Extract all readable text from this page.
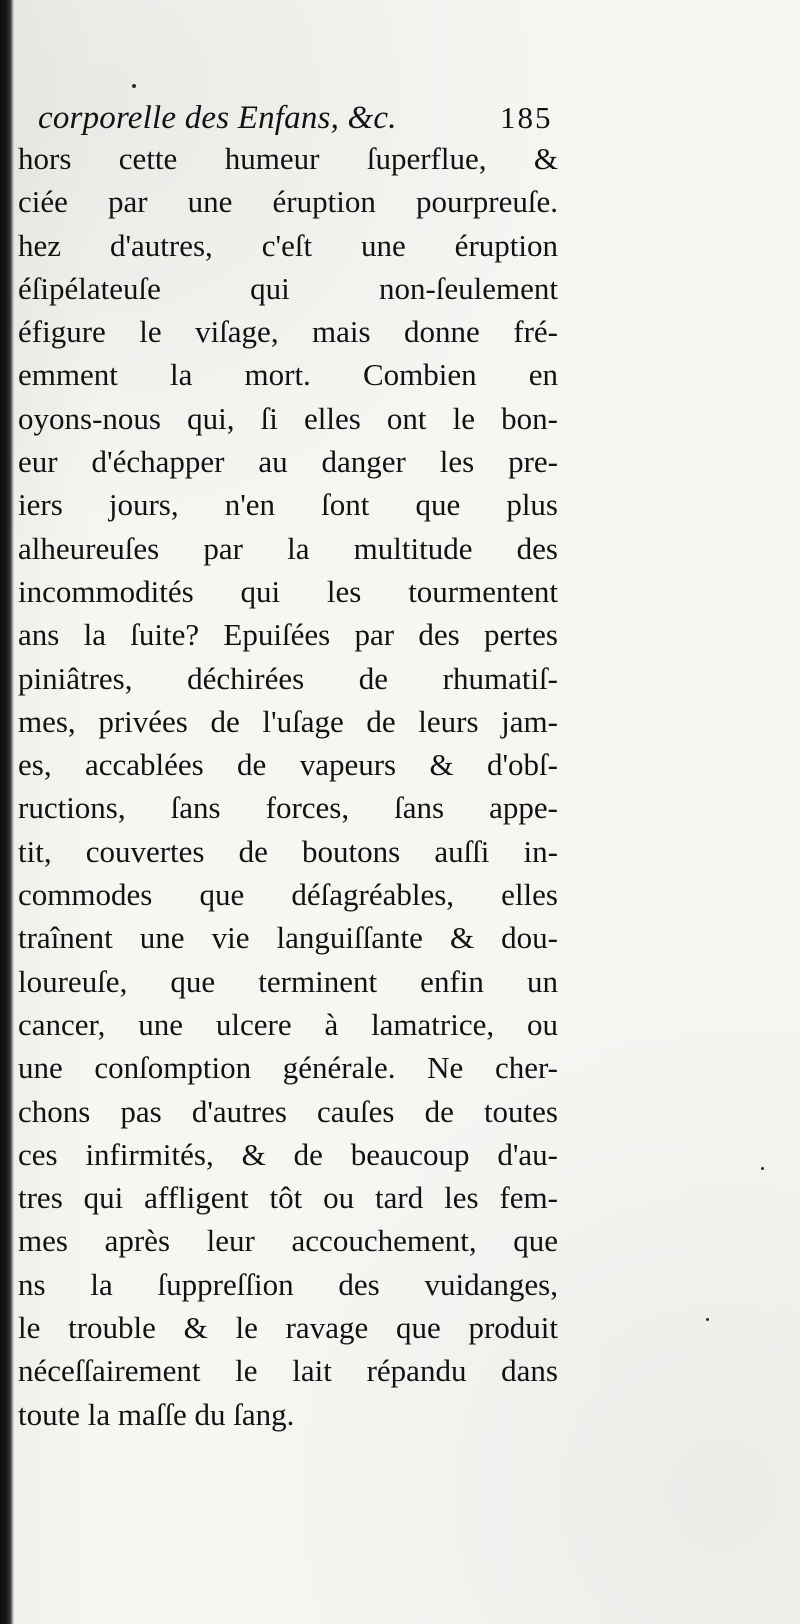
corporelle des Enfans, &c.	185
hors cette humeur ſuperflue, &
ciée par une éruption pourpreuſe.
hez d'autres, c'eſt une éruption
éſipélateuſe qui non-ſeulement
éfigure le viſage, mais donne fré-
emment la mort. Combien en
oyons-nous qui, ſi elles ont le bon-
eur d'échapper au danger les pre-
iers jours, n'en ſont que plus
alheureuſes par la multitude des
incommodités qui les tourmentent
ans la ſuite? Epuiſées par des pertes
piniâtres, déchirées de rhumatiſ-
mes, privées de l'uſage de leurs jam-
es, accablées de vapeurs & d'obſ-
ructions, ſans forces, ſans appe-
tit, couvertes de boutons auſſi in-
commodes que déſagréables, elles
traînent une vie languiſſante & dou-
loureuſe, que terminent enfin un
cancer, une ulcere à lamatrice, ou
une conſomption générale. Ne cher-
chons pas d'autres cauſes de toutes
ces infirmités, & de beaucoup d'au-
tres qui affligent tôt ou tard les fem-
mes après leur accouchement, que
ns la ſuppreſſion des vuidanges,
le trouble & le ravage que produit
néceſſairement le lait répandu dans
toute la maſſe du ſang.
